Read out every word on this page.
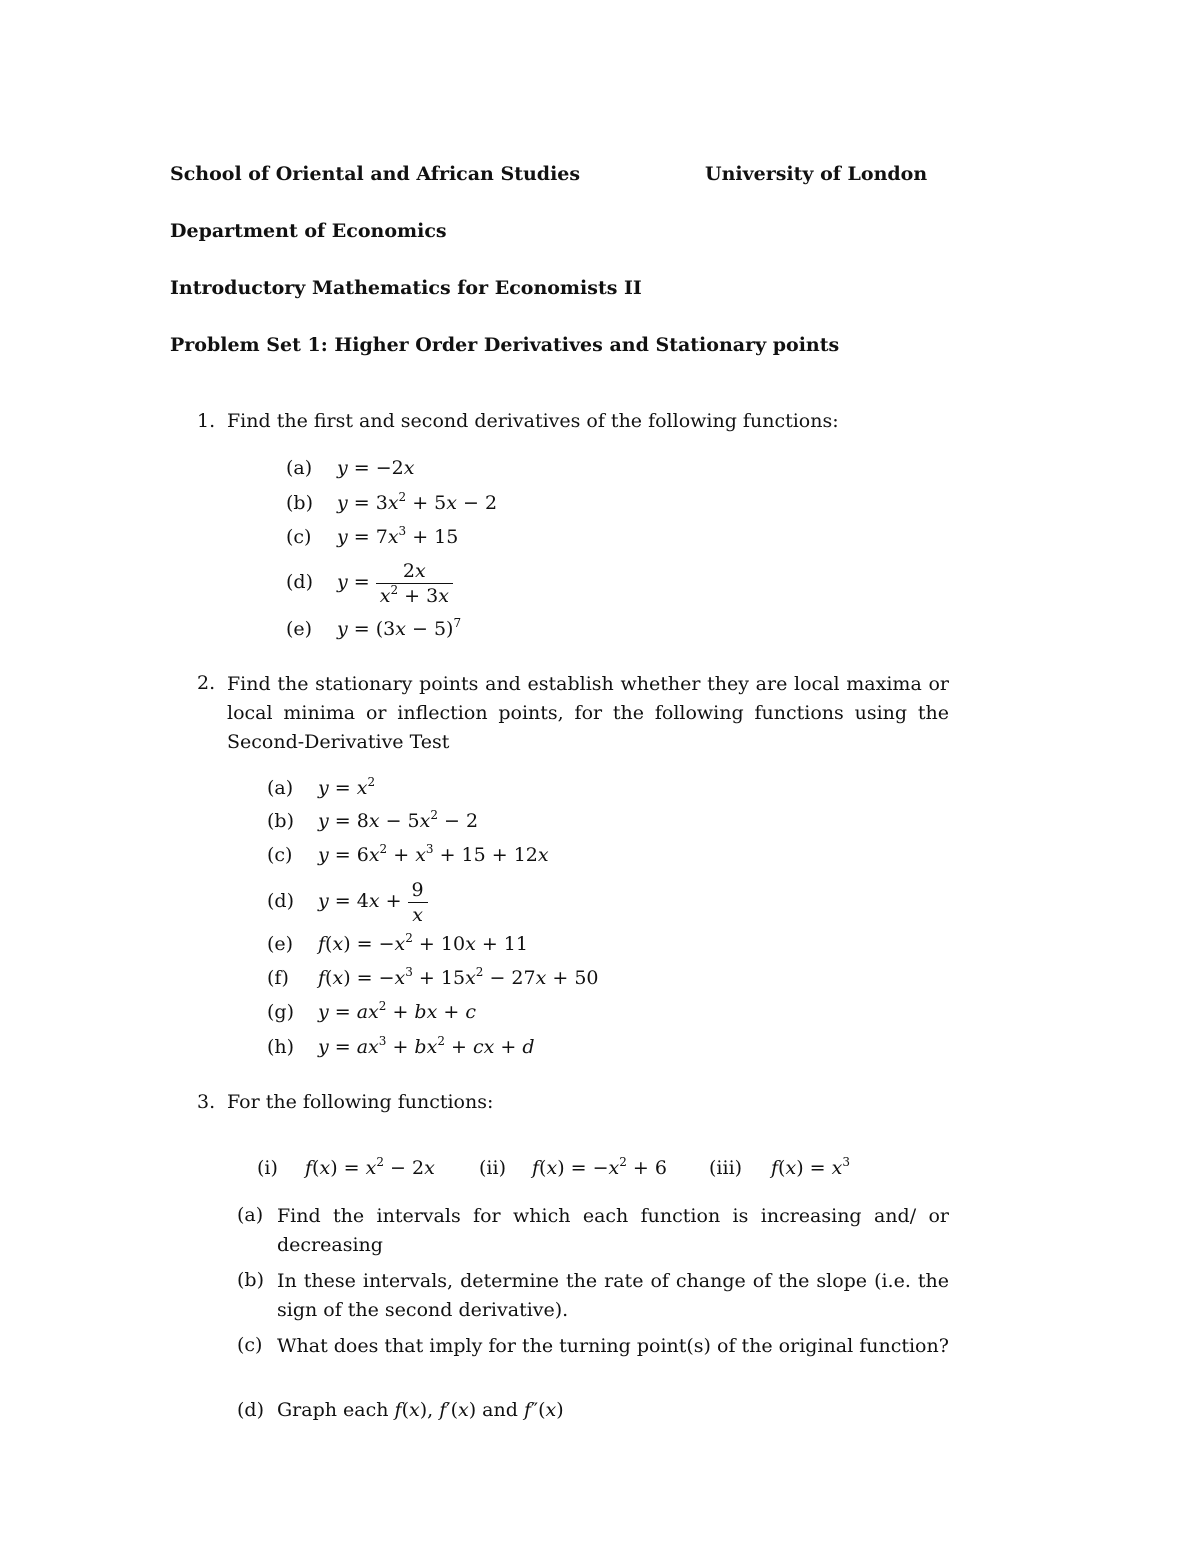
School of Oriental and African Studies	University of London
Department of Economics
Introductory Mathematics for Economists II
Problem Set 1: Higher Order Derivatives and Stationary points
1. Find the first and second derivatives of the following functions:
(a) y = −2x
(b) $y = 3x^2 + 5x - 2$
(c) $y = 7x^3 + 15$
(d) $y = \frac{2x}{x^2 + 3x}$
(e) $y = (3x - 5)^7$
2. Find the stationary points and establish whether they are local maxima or local minima or inflection points, for the following functions using the Second-Derivative Test
(a) $y = x^2$
(b) $y = 8x - 5x^2 - 2$
(c) $y = 6x^2 + x^3 + 15 + 12x$
(d) $y = 4x + \frac{9}{x}$
(e) $f(x) = -x^2 + 10x + 11$
(f) $f(x) = -x^3 + 15x^2 - 27x + 50$
(g) $y = ax^2$ + bx + c
(h) $y = ax^3 + bx^2$ + cx + d
3. For the following functions:
(i) $f(x) = x^2 - 2x$ (ii) $f(x) = -x^2 + 6$ (iii) $f(x) = x^3$
(a) Find the intervals for which each function is increasing and/ or decreasing
(b) In these intervals, determine the rate of change of the slope (i.e. the sign of the second derivative).
(c) What does that imply for the turning point(s) of the original function?
(d) Graph each f(x), f′(x) and f″(x)
